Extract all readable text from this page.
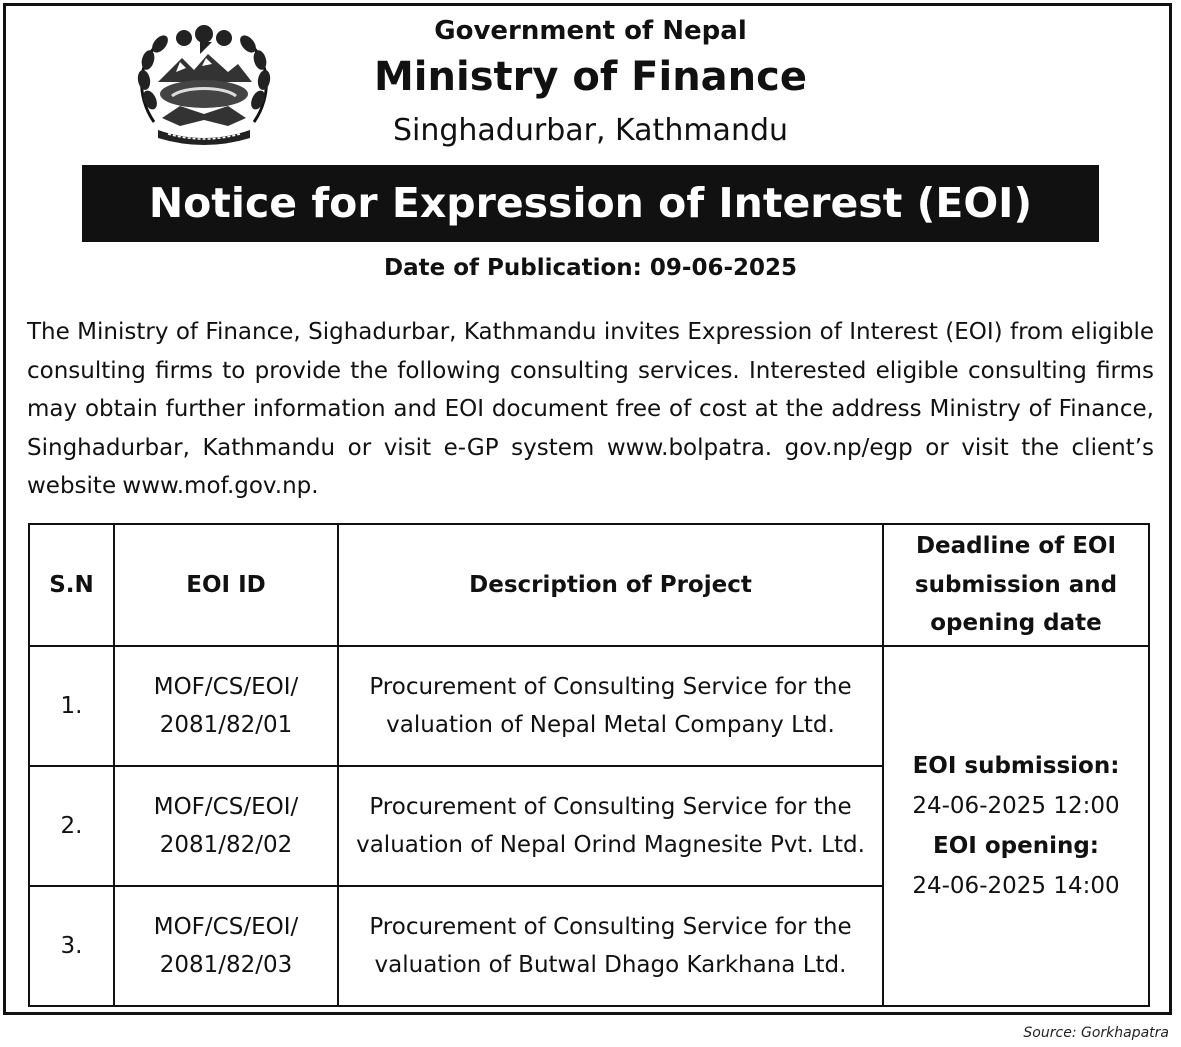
Government of Nepal
Ministry of Finance
Singhadurbar, Kathmandu
Notice for Expression of Interest (EOI)
Date of Publication: 09-06-2025
The Ministry of Finance, Sighadurbar, Kathmandu invites Expression of Interest (EOI) from eligible consulting firms to provide the following consulting services. Interested eligible consulting firms may obtain further information and EOI document free of cost at the address Ministry of Finance, Singhadurbar, Kathmandu or visit e-GP system www.bolpatra. gov.np/egp or visit the client’s website www.mof.gov.np.
S.N	EOI ID	Description of Project	Deadline of EOI submission and opening date
1.	MOF/CS/EOI/ 2081/82/01	Procurement of Consulting Service for the valuation of Nepal Metal Company Ltd.	EOI submission:
24-06-2025 12:00
EOI opening:
24-06-2025 14:00

2.	MOF/CS/EOI/ 2081/82/02	Procurement of Consulting Service for the valuation of Nepal Orind Magnesite Pvt. Ltd.	
3.	MOF/CS/EOI/ 2081/82/03	Procurement of Consulting Service for the valuation of Butwal Dhago Karkhana Ltd.	
Source: Gorkhapatra
